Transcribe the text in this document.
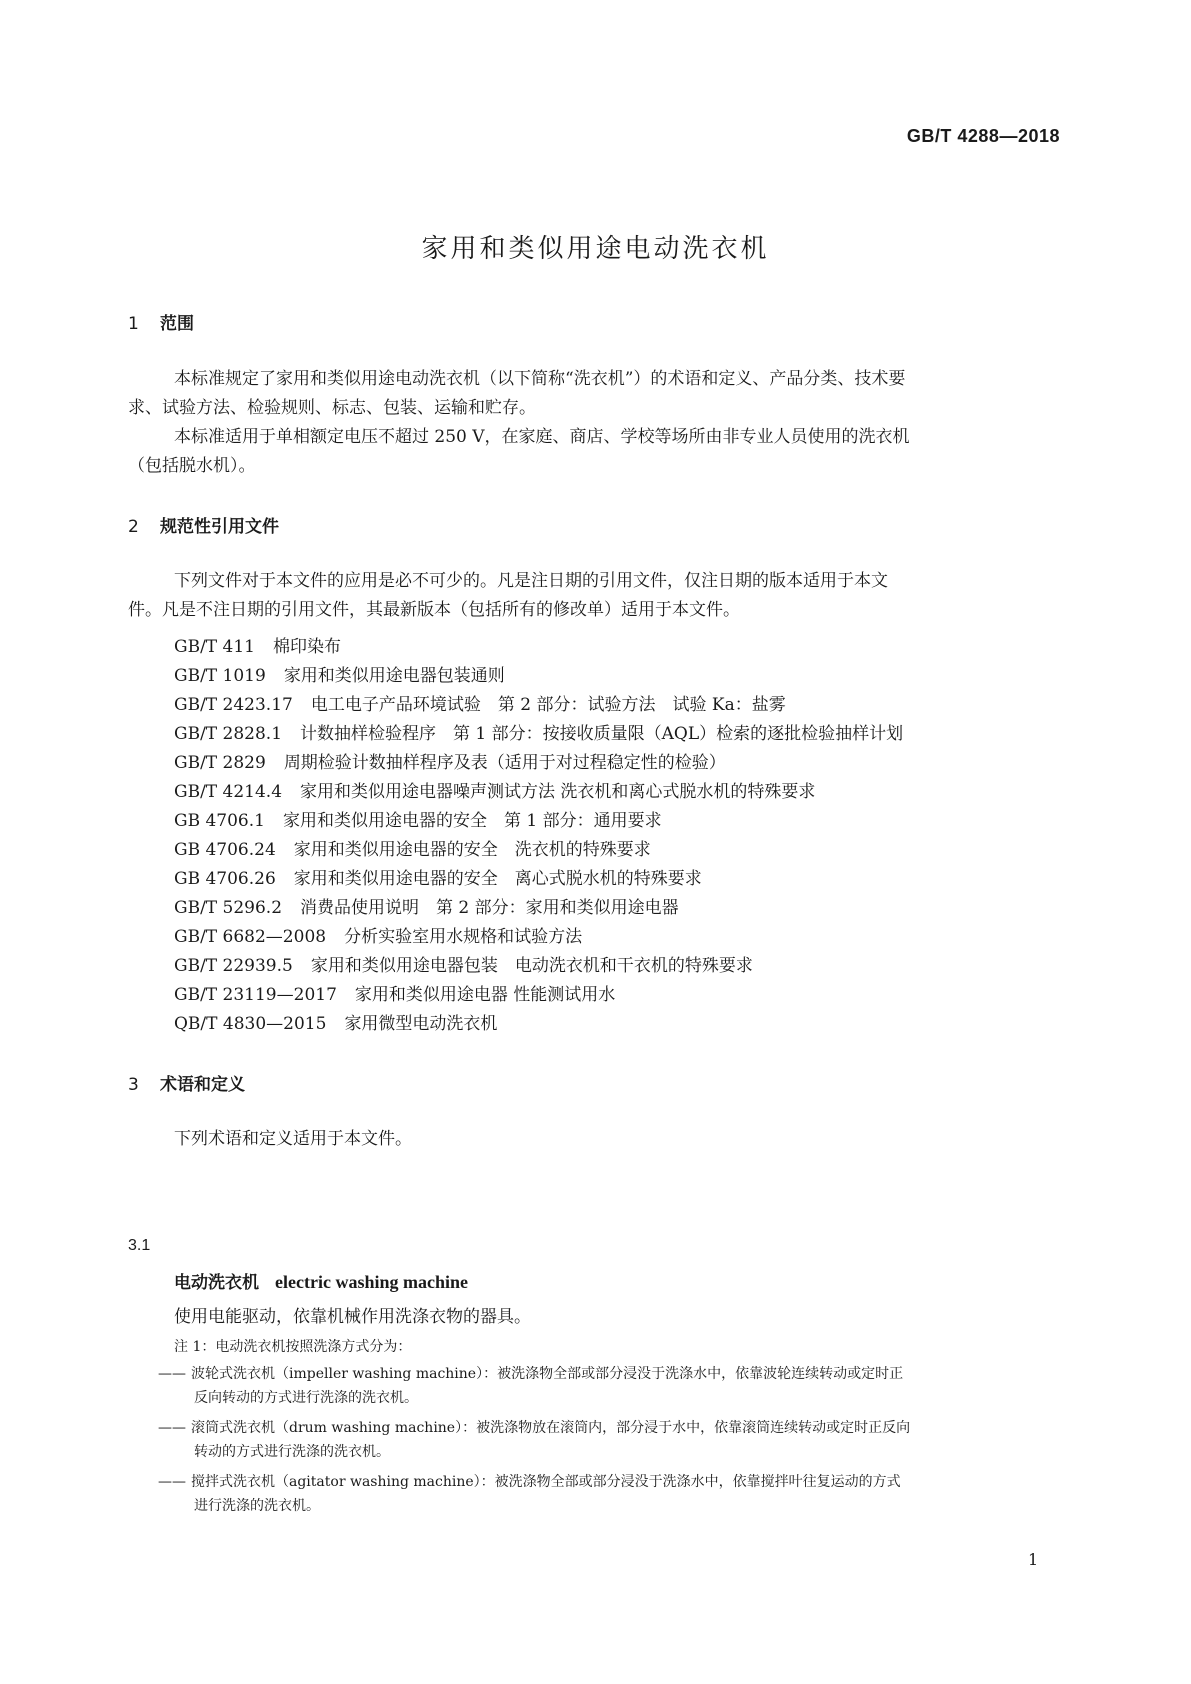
GB/T 4288—2018
家用和类似用途电动洗衣机
1 范围
本标准规定了家用和类似用途电动洗衣机（以下简称“洗衣机”）的术语和定义、产品分类、技术要
求、试验方法、检验规则、标志、包装、运输和贮存。
本标准适用于单相额定电压不超过 250 V，在家庭、商店、学校等场所由非专业人员使用的洗衣机
（包括脱水机）。
2 规范性引用文件
下列文件对于本文件的应用是必不可少的。凡是注日期的引用文件，仅注日期的版本适用于本文
件。凡是不注日期的引用文件，其最新版本（包括所有的修改单）适用于本文件。
GB/T 411 棉印染布
GB/T 1019 家用和类似用途电器包装通则
GB/T 2423.17 电工电子产品环境试验　第 2 部分：试验方法　试验 Ka：盐雾
GB/T 2828.1 计数抽样检验程序　第 1 部分：按接收质量限（AQL）检索的逐批检验抽样计划
GB/T 2829 周期检验计数抽样程序及表（适用于对过程稳定性的检验）
GB/T 4214.4 家用和类似用途电器噪声测试方法 洗衣机和离心式脱水机的特殊要求
GB 4706.1 家用和类似用途电器的安全　第 1 部分：通用要求
GB 4706.24 家用和类似用途电器的安全　洗衣机的特殊要求
GB 4706.26 家用和类似用途电器的安全　离心式脱水机的特殊要求
GB/T 5296.2 消费品使用说明　第 2 部分：家用和类似用途电器
GB/T 6682—2008 分析实验室用水规格和试验方法
GB/T 22939.5 家用和类似用途电器包装　电动洗衣机和干衣机的特殊要求
GB/T 23119—2017 家用和类似用途电器 性能测试用水
QB/T 4830—2015 家用微型电动洗衣机
3 术语和定义
下列术语和定义适用于本文件。
3.1
电动洗衣机 electric washing machine
使用电能驱动，依靠机械作用洗涤衣物的器具。
注 1：电动洗衣机按照洗涤方式分为：
—— 波轮式洗衣机（impeller washing machine）：被洗涤物全部或部分浸没于洗涤水中，依靠波轮连续转动或定时正
反向转动的方式进行洗涤的洗衣机。
—— 滚筒式洗衣机（drum washing machine）：被洗涤物放在滚筒内，部分浸于水中，依靠滚筒连续转动或定时正反向
转动的方式进行洗涤的洗衣机。
—— 搅拌式洗衣机（agitator washing machine）：被洗涤物全部或部分浸没于洗涤水中，依靠搅拌叶往复运动的方式
进行洗涤的洗衣机。
1
